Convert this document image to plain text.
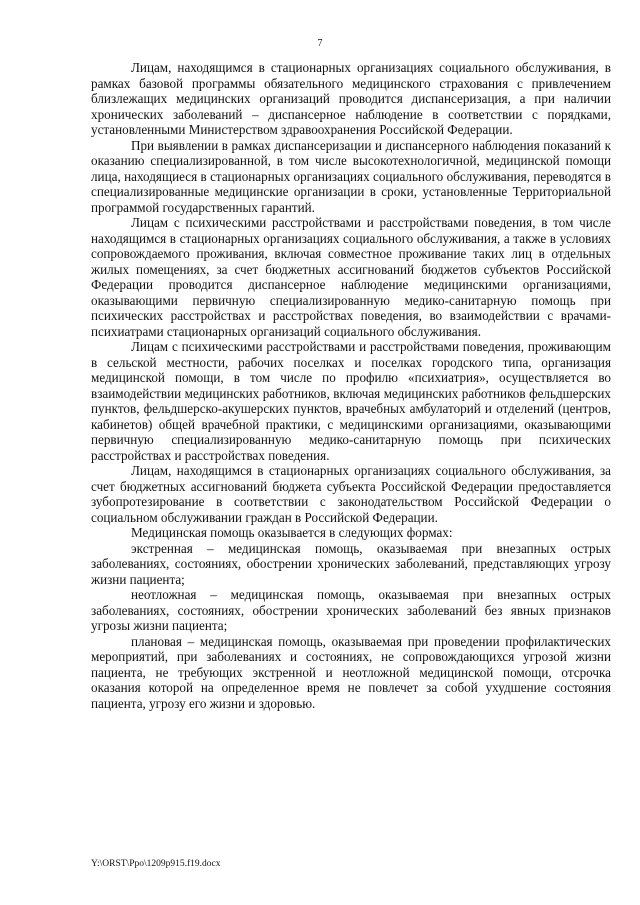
7

Лицам, находящимся в стационарных организациях социального обслуживания, в рамках базовой программы обязательного медицинского страхования с привлечением близлежащих медицинских организаций проводится диспансеризация, а при наличии хронических заболеваний – диспансерное наблюдение в соответствии с порядками, установленными Министерством здравоохранения Российской Федерации.

При выявлении в рамках диспансеризации и диспансерного наблюдения показаний к оказанию специализированной, в том числе высокотехнологичной, медицинской помощи лица, находящиеся в стационарных организациях социального обслуживания, переводятся в специализированные медицинские организации в сроки, установленные Территориальной программой государственных гарантий.

Лицам с психическими расстройствами и расстройствами поведения, в том числе находящимся в стационарных организациях социального обслуживания, а также в условиях сопровождаемого проживания, включая совместное проживание таких лиц в отдельных жилых помещениях, за счет бюджетных ассигнований бюджетов субъектов Российской Федерации проводится диспансерное наблюдение медицинскими организациями, оказывающими первичную специализированную медико-санитарную помощь при психических расстройствах и расстройствах поведения, во взаимодействии с врачами-психиатрами стационарных организаций социального обслуживания.

Лицам с психическими расстройствами и расстройствами поведения, проживающим в сельской местности, рабочих поселках и поселках городского типа, организация медицинской помощи, в том числе по профилю «психиатрия», осуществляется во взаимодействии медицинских работников, включая медицинских работников фельдшерских пунктов, фельдшерско-акушерских пунктов, врачебных амбулаторий и отделений (центров, кабинетов) общей врачебной практики, с медицинскими организациями, оказывающими первичную специализированную медико-санитарную помощь при психических расстройствах и расстройствах поведения.

Лицам, находящимся в стационарных организациях социального обслуживания, за счет бюджетных ассигнований бюджета субъекта Российской Федерации предоставляется зубопротезирование в соответствии с законодательством Российской Федерации о социальном обслуживании граждан в Российской Федерации.

Медицинская помощь оказывается в следующих формах:

экстренная – медицинская помощь, оказываемая при внезапных острых заболеваниях, состояниях, обострении хронических заболеваний, представляющих угрозу жизни пациента;

неотложная – медицинская помощь, оказываемая при внезапных острых заболеваниях, состояниях, обострении хронических заболеваний без явных признаков угрозы жизни пациента;

плановая – медицинская помощь, оказываемая при проведении профилактических мероприятий, при заболеваниях и состояниях, не сопровождающихся угрозой жизни пациента, не требующих экстренной и неотложной медицинской помощи, отсрочка оказания которой на определенное время не повлечет за собой ухудшение состояния пациента, угрозу его жизни и здоровью.

Y:\ORST\Ppo\1209p915.f19.docx
